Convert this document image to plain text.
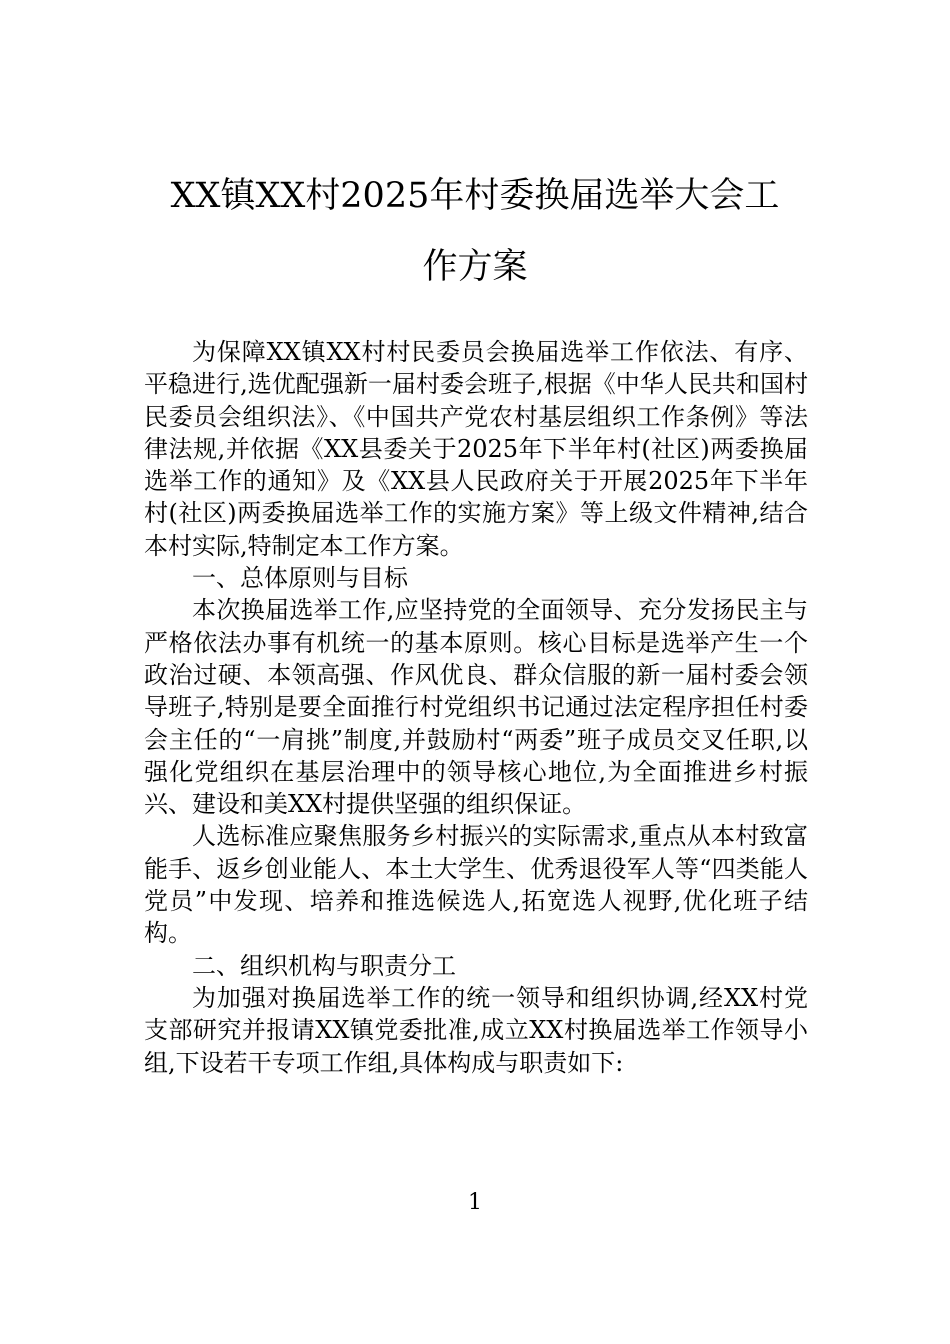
XX镇XX村2025年村委换届选举大会工
作方案

为保障XX镇XX村村民委员会换届选举工作依法、有序、平稳进行,选优配强新一届村委会班子,根据《中华人民共和国村民委员会组织法》、《中国共产党农村基层组织工作条例》等法律法规,并依据《XX县委关于2025年下半年村(社区)两委换届选举工作的通知》及《XX县人民政府关于开展2025年下半年村(社区)两委换届选举工作的实施方案》等上级文件精神,结合本村实际,特制定本工作方案。

一、总体原则与目标

本次换届选举工作,应坚持党的全面领导、充分发扬民主与严格依法办事有机统一的基本原则。核心目标是选举产生一个政治过硬、本领高强、作风优良、群众信服的新一届村委会领导班子,特别是要全面推行村党组织书记通过法定程序担任村委会主任的“一肩挑”制度,并鼓励村“两委”班子成员交叉任职,以强化党组织在基层治理中的领导核心地位,为全面推进乡村振兴、建设和美XX村提供坚强的组织保证。

人选标准应聚焦服务乡村振兴的实际需求,重点从本村致富能手、返乡创业能人、本土大学生、优秀退役军人等“四类能人党员”中发现、培养和推选候选人,拓宽选人视野,优化班子结构。

二、组织机构与职责分工

为加强对换届选举工作的统一领导和组织协调,经XX村党支部研究并报请XX镇党委批准,成立XX村换届选举工作领导小组,下设若干专项工作组,具体构成与职责如下:

1
